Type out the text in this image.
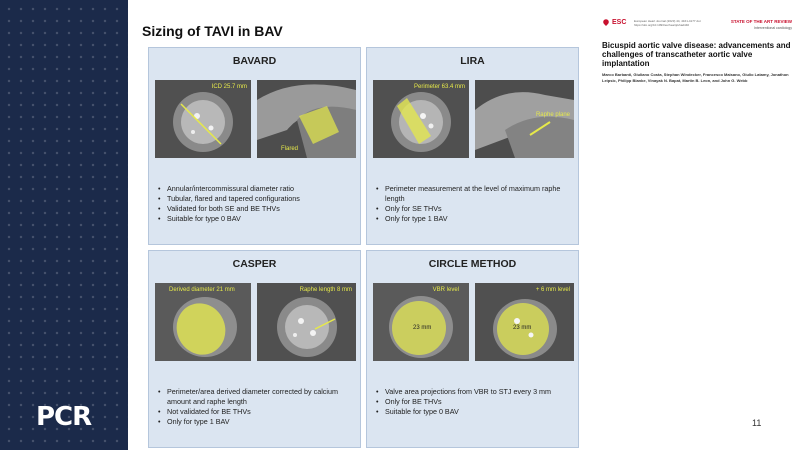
PCR
Sizing of TAVI in BAV
BAVARD
ICD 25.7 mm
Flared
• Annular/intercommissural diameter ratio
• Tubular, flared and tapered configurations
• Validated for both SE and BE THVs
• Suitable for type 0 BAV
LIRA
Perimeter 63.4 mm
Raphe plane
• Perimeter measurement at the level of maximum raphe length
• Only for SE THVs
• Only for type 1 BAV
CASPER
Derived diameter 21 mm	Raphe length 8 mm
• Perimeter/area derived diameter corrected by calcium amount and raphe length
• Not validated for BE THVs
• Only for type 1 BAV
CIRCLE METHOD
VBR level
23 mm
+ 6 mm level
23 mm
• Valve area projections from VBR to STJ every 3 mm
• Only for BE THVs
• Suitable for type 0 BAV
ESC	European Heart Journal (2023) 44, 4161-4177 doi: https://doi.org/10.1093/eurheartj/ehad440
STATE OF THE ART REVIEW
Interventional cardiology
Bicuspid aortic valve disease: advancements and challenges of transcatheter aortic valve implantation
Marco Barbanti, Giuliano Costa, Stephan Windecker, Francesco Maisano, Giulio Latamy, Jonathon Leipsic, Philipp Blanke, Vinayak N. Bapat, Martin B. Leon, and John G. Webb
11
